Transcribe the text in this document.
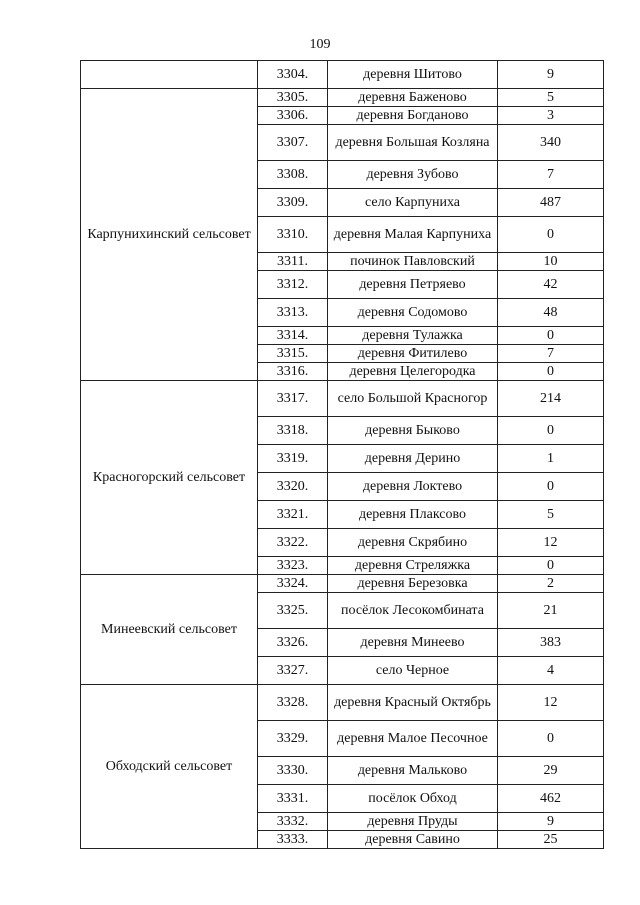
109
	3304.	деревня Шитово	9
Карпунихинский сельсовет	3305.	деревня Баженово	5
	3306.	деревня Богданово	3
	3307.	деревня Большая Козляна	340
	3308.	деревня Зубово	7
	3309.	село Карпуниха	487
	3310.	деревня Малая Карпуниха	0
	3311.	починок Павловский	10
	3312.	деревня Петряево	42
	3313.	деревня Содомово	48
	3314.	деревня Тулажка	0
	3315.	деревня Фитилево	7
	3316.	деревня Целегородка	0
Красногорский сельсовет	3317.	село Большой Красногор	214
	3318.	деревня Быково	0
	3319.	деревня Дерино	1
	3320.	деревня Локтево	0
	3321.	деревня Плаксово	5
	3322.	деревня Скрябино	12
	3323.	деревня Стреляжка	0
Минеевский сельсовет	3324.	деревня Березовка	2
	3325.	посёлок Лесокомбината	21
	3326.	деревня Минеево	383
	3327.	село Черное	4
Обходский сельсовет	3328.	деревня Красный Октябрь	12
	3329.	деревня Малое Песочное	0
	3330.	деревня Мальково	29
	3331.	посёлок Обход	462
	3332.	деревня Пруды	9
	3333.	деревня Савино	25
